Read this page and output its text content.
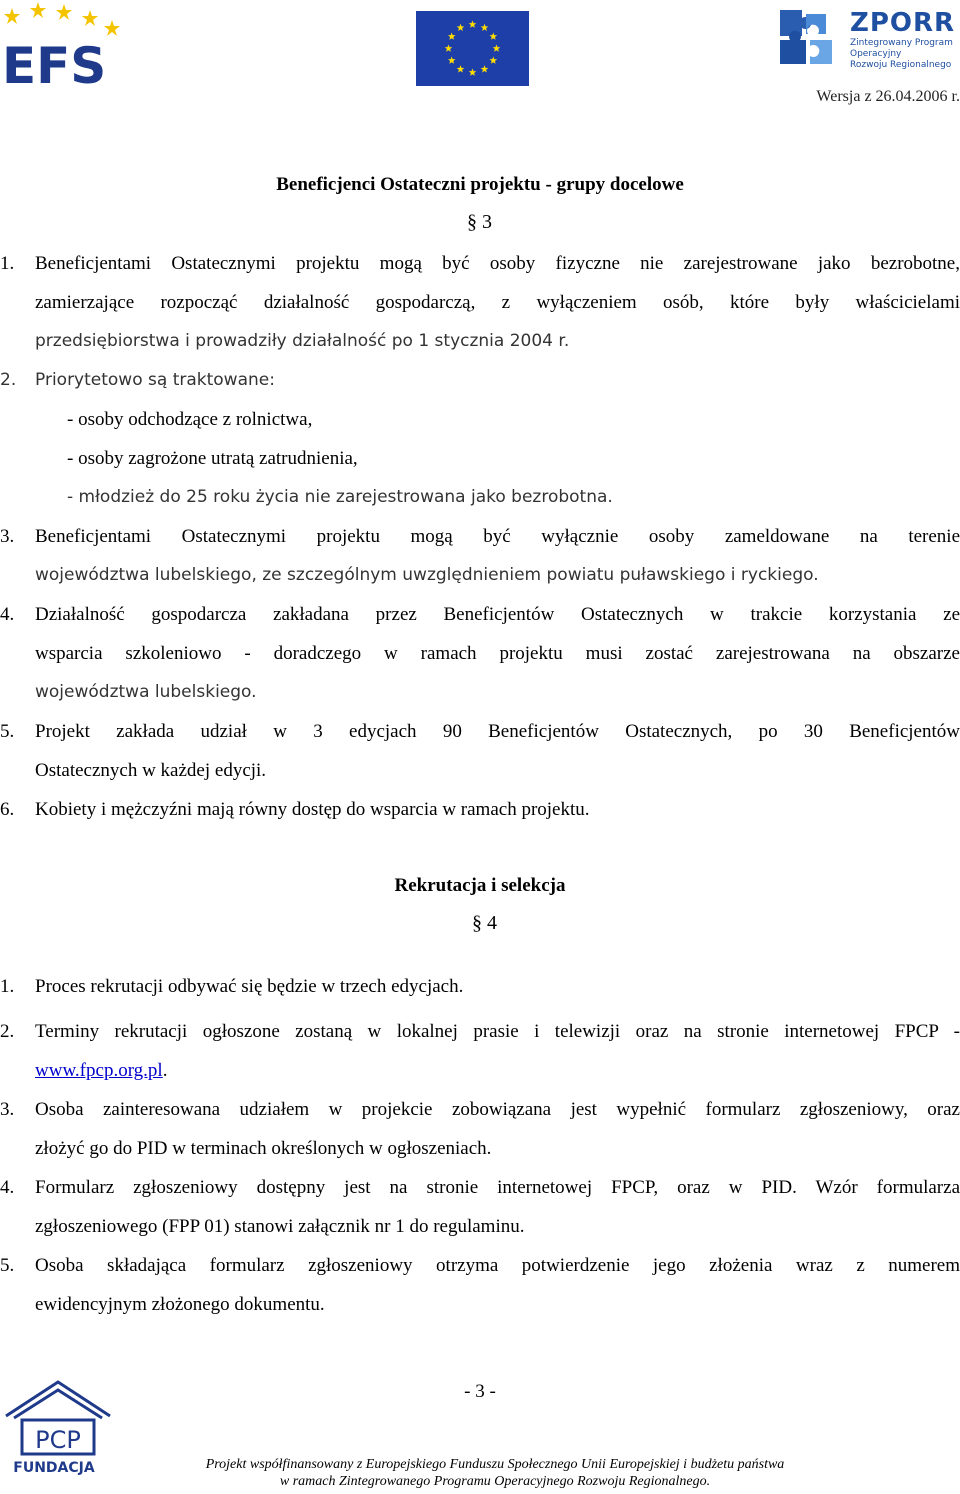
EFS
ZPORR
Zintegrowany Program
Operacyjny
Rozwoju Regionalnego
Wersja z 26.04.2006 r.
Beneficjenci Ostateczni projektu - grupy docelowe
§ 3
1.	Beneficjentami Ostatecznymi projektu mogą być osoby fizyczne nie zarejestrowane jako bezrobotne,
zamierzające rozpocząć działalność gospodarczą, z wyłączeniem osób, które były właścicielami
przedsiębiorstwa i prowadziły działalność po 1 stycznia 2004 r.
2.	Priorytetowo są traktowane:
- osoby odchodzące z rolnictwa,
- osoby zagrożone utratą zatrudnienia,
- młodzież do 25 roku życia nie zarejestrowana jako bezrobotna.
3.	Beneficjentami Ostatecznymi projektu mogą być wyłącznie osoby zameldowane na terenie
województwa lubelskiego, ze szczególnym uwzględnieniem powiatu puławskiego i ryckiego.
4.	Działalność gospodarcza zakładana przez Beneficjentów Ostatecznych w trakcie korzystania ze
wsparcia szkoleniowo - doradczego w ramach projektu musi zostać zarejestrowana na obszarze
województwa lubelskiego.
5.	Projekt zakłada udział w 3 edycjach 90 Beneficjentów Ostatecznych, po 30 Beneficjentów
Ostatecznych w każdej edycji.
6.	Kobiety i mężczyźni mają równy dostęp do wsparcia w ramach projektu.
Rekrutacja i selekcja
§ 4
1.	Proces rekrutacji odbywać się będzie w trzech edycjach.
2.	Terminy rekrutacji ogłoszone zostaną w lokalnej prasie i telewizji oraz na stronie internetowej FPCP -
www.fpcp.org.pl.
3.	Osoba zainteresowana udziałem w projekcie zobowiązana jest wypełnić formularz zgłoszeniowy, oraz
złożyć go do PID w terminach określonych w ogłoszeniach.
4.	Formularz zgłoszeniowy dostępny jest na stronie internetowej FPCP, oraz w PID. Wzór formularza
zgłoszeniowego (FPP 01) stanowi załącznik nr 1 do regulaminu.
5.	Osoba składająca formularz zgłoszeniowy otrzyma potwierdzenie jego złożenia wraz z numerem
ewidencyjnym złożonego dokumentu.
- 3 -
PCP
FUNDACJA	Projekt współfinansowany z Europejskiego Funduszu Społecznego Unii Europejskiej i budżetu państwa
w ramach Zintegrowanego Programu Operacyjnego Rozwoju Regionalnego.
